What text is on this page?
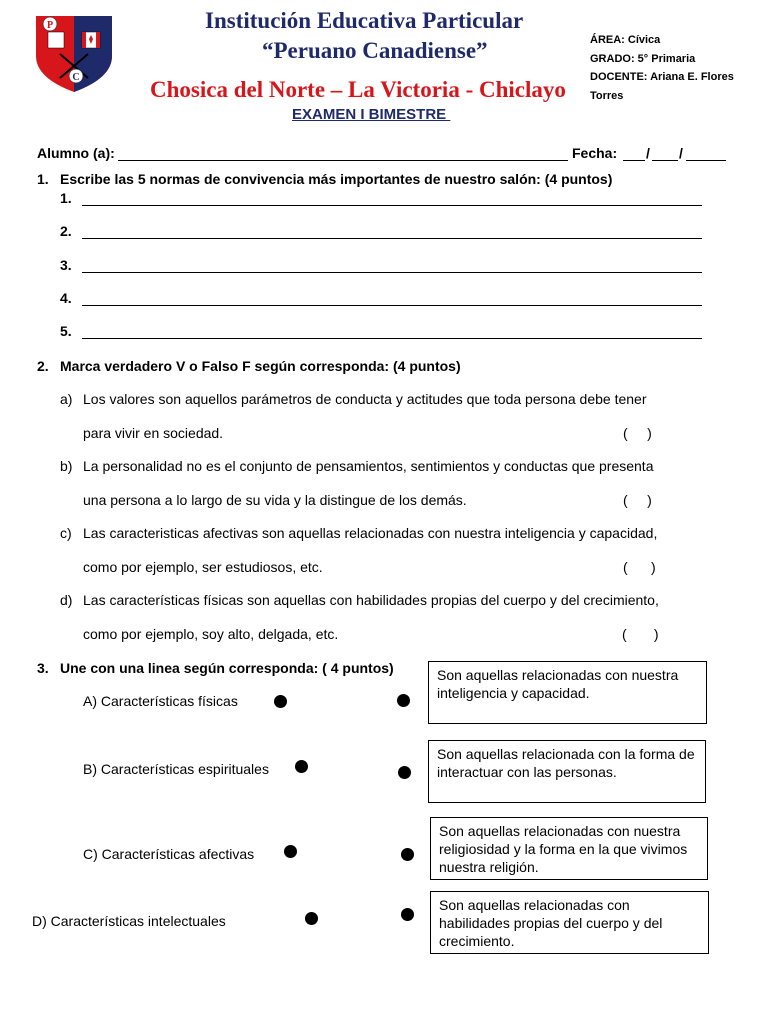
P
C
Institución Educativa Particular
“Peruano Canadiense”
Chosica del Norte – La Victoria - Chiclayo
EXAMEN I BIMESTRE
ÁREA: Cívica
GRADO: 5° Primaria
DOCENTE: Ariana E. Flores
Torres
Alumno (a):	Fecha: / /
1. Escribe las 5 normas de convivencia más importantes de nuestro salón: (4 puntos)
1.
2.
3.
4.
5.
2. Marca verdadero V o Falso F según corresponda: (4 puntos)
a) Los valores son aquellos parámetros de conducta y actitudes que toda persona debe tener
para vivir en sociedad.	(     )
b) La personalidad no es el conjunto de pensamientos, sentimientos y conductas que presenta
una persona a lo largo de su vida y la distingue de los demás.	(     )
c) Las caracteristicas afectivas son aquellas relacionadas con nuestra inteligencia y capacidad,
como por ejemplo, ser estudiosos, etc.	(      )
d) Las características físicas son aquellas con habilidades propias del cuerpo y del crecimiento,
como por ejemplo, soy alto, delgada, etc.	(       )
3. Une con una linea según corresponda: ( 4 puntos)
A) Características físicas
Son aquellas relacionadas con nuestra inteligencia y capacidad.
B) Características espirituales
Son aquellas relacionada con la forma de interactuar con las personas.
C) Características afectivas
Son aquellas relacionadas con nuestra religiosidad y la forma en la que vivimos nuestra religión.
D) Características intelectuales
Son aquellas relacionadas con habilidades propias del cuerpo y del crecimiento.
